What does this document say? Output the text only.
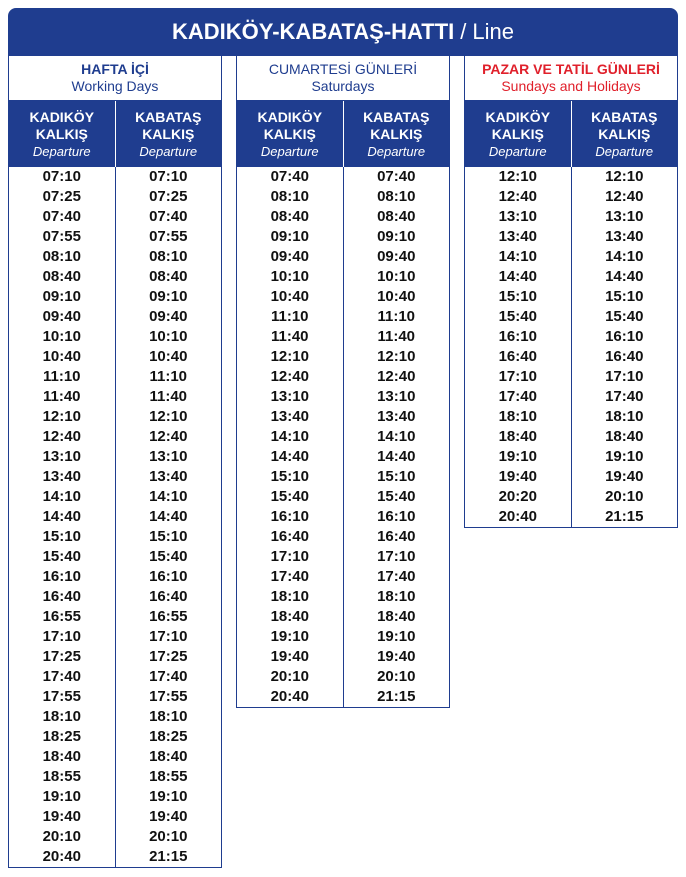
KADIKÖY-KABATAŞ-HATTI / Line
HAFTA İÇİ
Working Days
KADIKÖY
KALKIŞ
Departure
KABATAŞ
KALKIŞ
Departure
07:10	07:10
07:25	07:25
07:40	07:40
07:55	07:55
08:10	08:10
08:40	08:40
09:10	09:10
09:40	09:40
10:10	10:10
10:40	10:40
11:10	11:10
11:40	11:40
12:10	12:10
12:40	12:40
13:10	13:10
13:40	13:40
14:10	14:10
14:40	14:40
15:10	15:10
15:40	15:40
16:10	16:10
16:40	16:40
16:55	16:55
17:10	17:10
17:25	17:25
17:40	17:40
17:55	17:55
18:10	18:10
18:25	18:25
18:40	18:40
18:55	18:55
19:10	19:10
19:40	19:40
20:10	20:10
20:40	21:15
CUMARTESİ GÜNLERİ
Saturdays
KADIKÖY
KALKIŞ
Departure
KABATAŞ
KALKIŞ
Departure
07:40	07:40
08:10	08:10
08:40	08:40
09:10	09:10
09:40	09:40
10:10	10:10
10:40	10:40
11:10	11:10
11:40	11:40
12:10	12:10
12:40	12:40
13:10	13:10
13:40	13:40
14:10	14:10
14:40	14:40
15:10	15:10
15:40	15:40
16:10	16:10
16:40	16:40
17:10	17:10
17:40	17:40
18:10	18:10
18:40	18:40
19:10	19:10
19:40	19:40
20:10	20:10
20:40	21:15
PAZAR VE TATİL GÜNLERİ
Sundays and Holidays
KADIKÖY
KALKIŞ
Departure
KABATAŞ
KALKIŞ
Departure
12:10	12:10
12:40	12:40
13:10	13:10
13:40	13:40
14:10	14:10
14:40	14:40
15:10	15:10
15:40	15:40
16:10	16:10
16:40	16:40
17:10	17:10
17:40	17:40
18:10	18:10
18:40	18:40
19:10	19:10
19:40	19:40
20:20	20:10
20:40	21:15
